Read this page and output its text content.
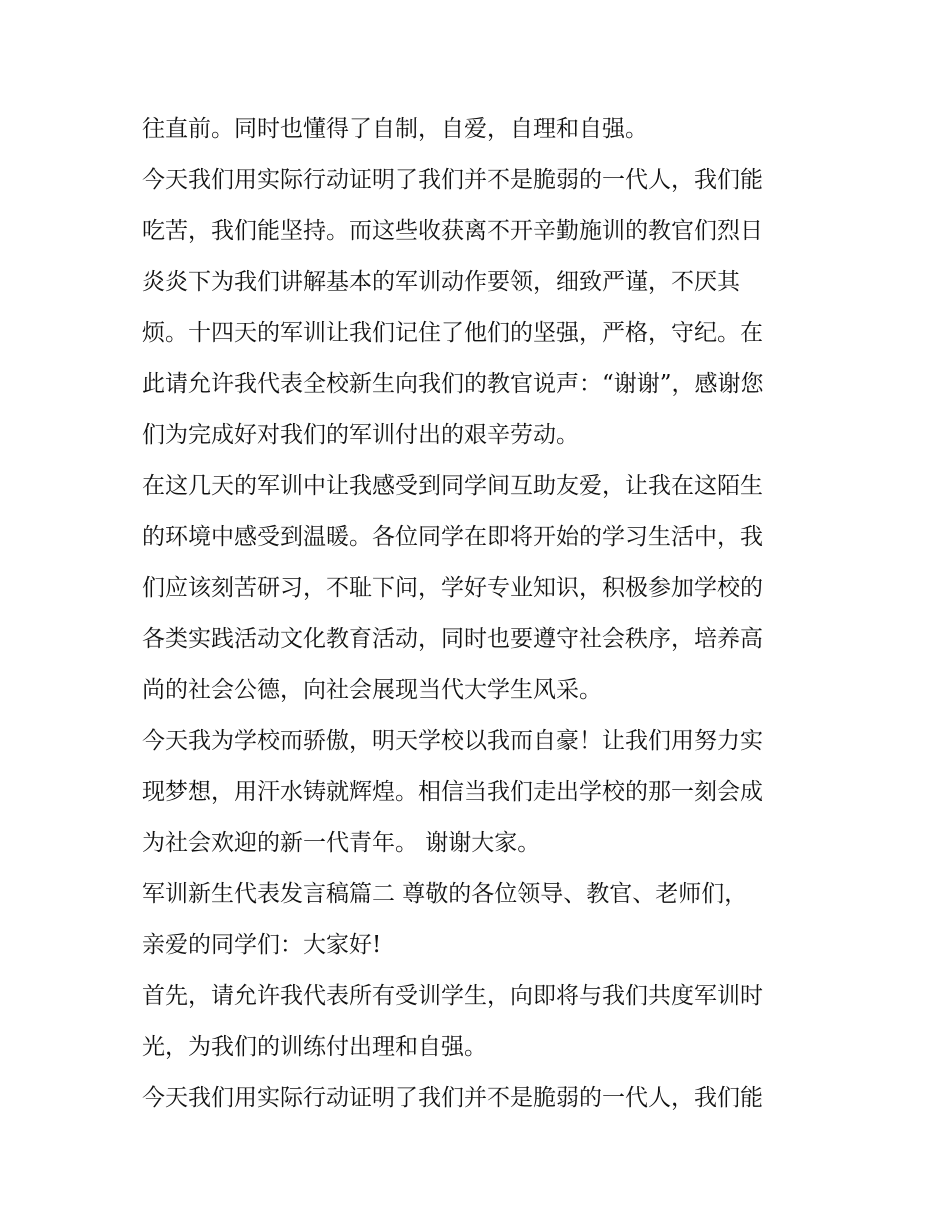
往直前。同时也懂得了自制，自爱，自理和自强。
今天我们用实际行动证明了我们并不是脆弱的一代人，我们能
吃苦，我们能坚持。而这些收获离不开辛勤施训的教官们烈日
炎炎下为我们讲解基本的军训动作要领，细致严谨，不厌其
烦。十四天的军训让我们记住了他们的坚强，严格，守纪。在
此请允许我代表全校新生向我们的教官说声：“谢谢”，感谢您
们为完成好对我们的军训付出的艰辛劳动。
在这几天的军训中让我感受到同学间互助友爱，让我在这陌生
的环境中感受到温暖。各位同学在即将开始的学习生活中，我
们应该刻苦研习，不耻下问，学好专业知识，积极参加学校的
各类实践活动文化教育活动，同时也要遵守社会秩序，培养高
尚的社会公德，向社会展现当代大学生风采。
今天我为学校而骄傲，明天学校以我而自豪！让我们用努力实
现梦想，用汗水铸就辉煌。相信当我们走出学校的那一刻会成
为社会欢迎的新一代青年。 谢谢大家。
军训新生代表发言稿篇二 尊敬的各位领导、教官、老师们，
亲爱的同学们：大家好!
首先，请允许我代表所有受训学生，向即将与我们共度军训时
光，为我们的训练付出理和自强。
今天我们用实际行动证明了我们并不是脆弱的一代人，我们能
